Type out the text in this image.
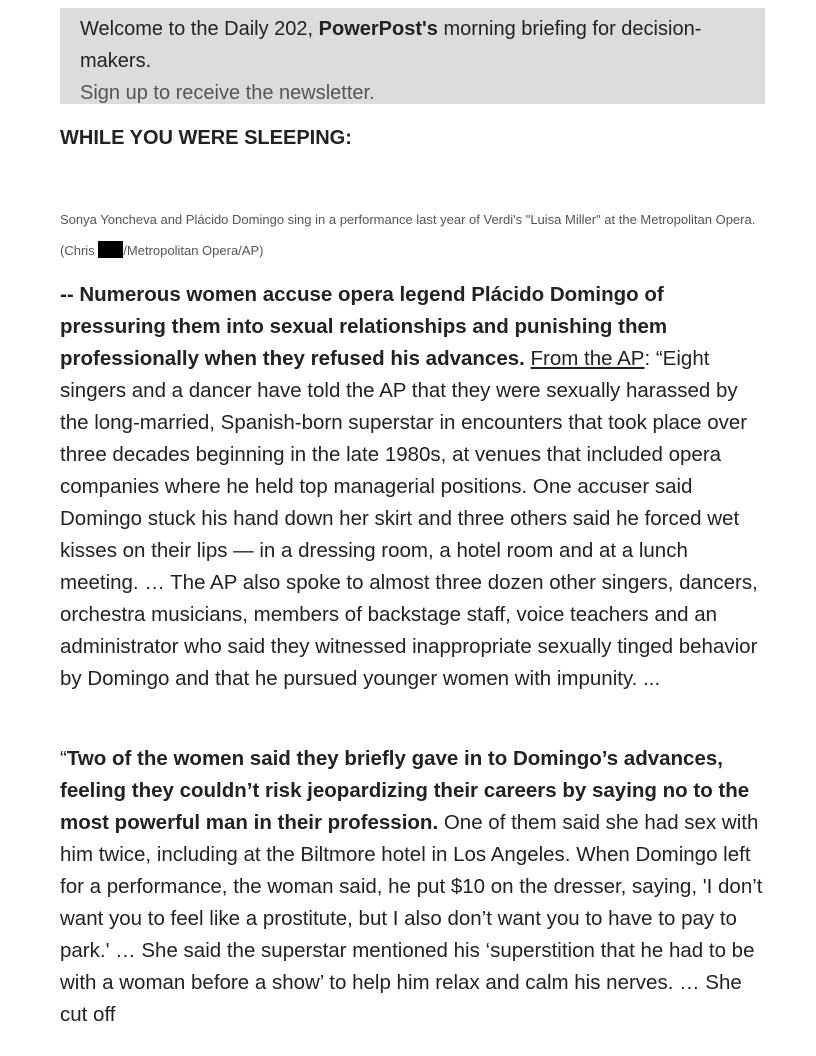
Welcome to the Daily 202, PowerPost's morning briefing for decision-makers.
Sign up to receive the newsletter.
WHILE YOU WERE SLEEPING:
Sonya Yoncheva and Plácido Domingo sing in a performance last year of Verdi's "Luisa Miller" at the Metropolitan Opera. (Chris /Metropolitan Opera/AP)

-- Numerous women accuse opera legend Plácido Domingo of pressuring them into sexual relationships and punishing them professionally when they refused his advances. From the AP: “Eight singers and a dancer have told the AP that they were sexually harassed by the long-married, Spanish-born superstar in encounters that took place over three decades beginning in the late 1980s, at venues that included opera companies where he held top managerial positions. One accuser said Domingo stuck his hand down her skirt and three others said he forced wet kisses on their lips — in a dressing room, a hotel room and at a lunch meeting. … The AP also spoke to almost three dozen other singers, dancers, orchestra musicians, members of backstage staff, voice teachers and an administrator who said they witnessed inappropriate sexually tinged behavior by Domingo and that he pursued younger women with impunity. ...

“Two of the women said they briefly gave in to Domingo’s advances, feeling they couldn’t risk jeopardizing their careers by saying no to the most powerful man in their profession. One of them said she had sex with him twice, including at the Biltmore hotel in Los Angeles. When Domingo left for a performance, the woman said, he put $10 on the dresser, saying, 'I don’t want you to feel like a prostitute, but I also don’t want you to have to pay to park.' … She said the superstar mentioned his ‘superstition that he had to be with a woman before a show’ to help him relax and calm his nerves. … She cut off
